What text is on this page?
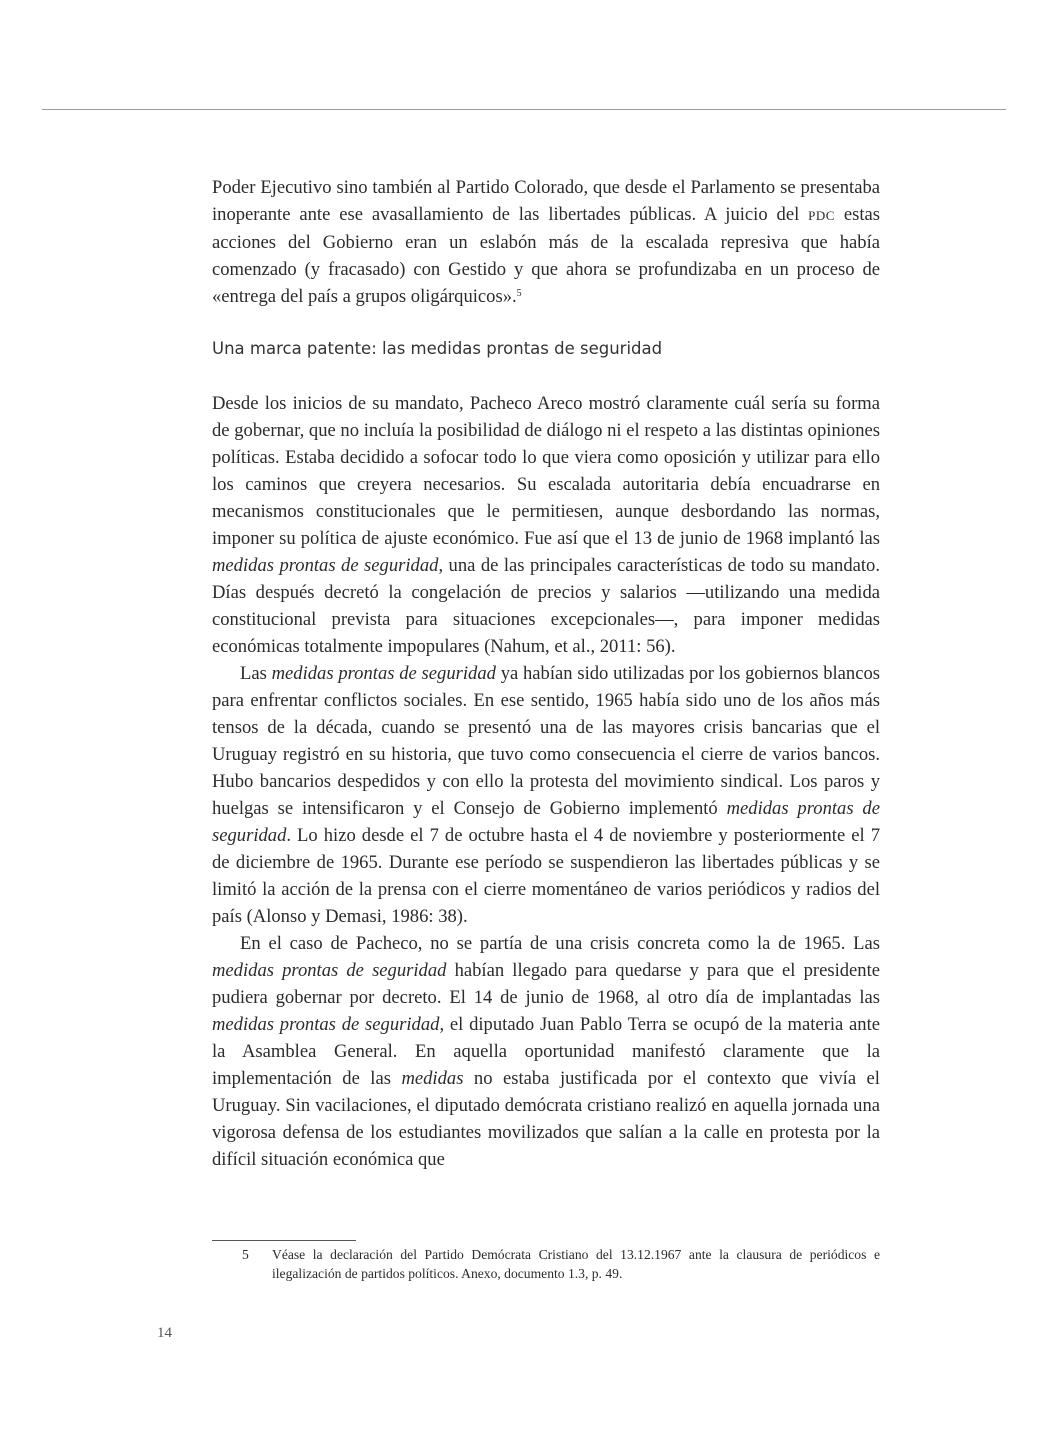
Poder Ejecutivo sino también al Partido Colorado, que desde el Parlamento se presentaba inoperante ante ese avasallamiento de las libertades públicas. A juicio del PDC estas acciones del Gobierno eran un eslabón más de la escalada represiva que había comenzado (y fracasado) con Gestido y que ahora se profundizaba en un proceso de «entrega del país a grupos oligárquicos».$^5$

Una marca patente: las medidas prontas de seguridad

Desde los inicios de su mandato, Pacheco Areco mostró claramente cuál sería su forma de gobernar, que no incluía la posibilidad de diálogo ni el respeto a las distintas opiniones políticas. Estaba decidido a sofocar todo lo que viera como oposición y utilizar para ello los caminos que creyera necesarios. Su escalada autoritaria debía encuadrarse en mecanismos constitucionales que le permitiesen, aunque desbordando las normas, imponer su política de ajuste económico. Fue así que el 13 de junio de 1968 implantó las medidas prontas de seguridad, una de las principales características de todo su mandato. Días después decretó la congelación de precios y salarios —utilizando una medida constitucional prevista para situaciones excepcionales—, para imponer medidas económicas totalmente impopulares (Nahum, et al., 2011: 56).

Las medidas prontas de seguridad ya habían sido utilizadas por los gobiernos blancos para enfrentar conflictos sociales. En ese sentido, 1965 había sido uno de los años más tensos de la década, cuando se presentó una de las mayores crisis bancarias que el Uruguay registró en su historia, que tuvo como consecuencia el cierre de varios bancos. Hubo bancarios despedidos y con ello la protesta del movimiento sindical. Los paros y huelgas se intensificaron y el Consejo de Gobierno implementó medidas prontas de seguridad. Lo hizo desde el 7 de octubre hasta el 4 de noviembre y posteriormente el 7 de diciembre de 1965. Durante ese período se suspendieron las libertades públicas y se limitó la acción de la prensa con el cierre momentáneo de varios periódicos y radios del país (Alonso y Demasi, 1986: 38).

En el caso de Pacheco, no se partía de una crisis concreta como la de 1965. Las medidas prontas de seguridad habían llegado para quedarse y para que el presidente pudiera gobernar por decreto. El 14 de junio de 1968, al otro día de implantadas las medidas prontas de seguridad, el diputado Juan Pablo Terra se ocupó de la materia ante la Asamblea General. En aquella oportunidad manifestó claramente que la implementación de las medidas no estaba justificada por el contexto que vivía el Uruguay. Sin vacilaciones, el diputado demócrata cristiano realizó en aquella jornada una vigorosa defensa de los estudiantes movilizados que salían a la calle en protesta por la difícil situación económica que

5 Véase la declaración del Partido Demócrata Cristiano del 13.12.1967 ante la clausura de periódicos e ilegalización de partidos políticos. Anexo, documento 1.3, p. 49.
14
